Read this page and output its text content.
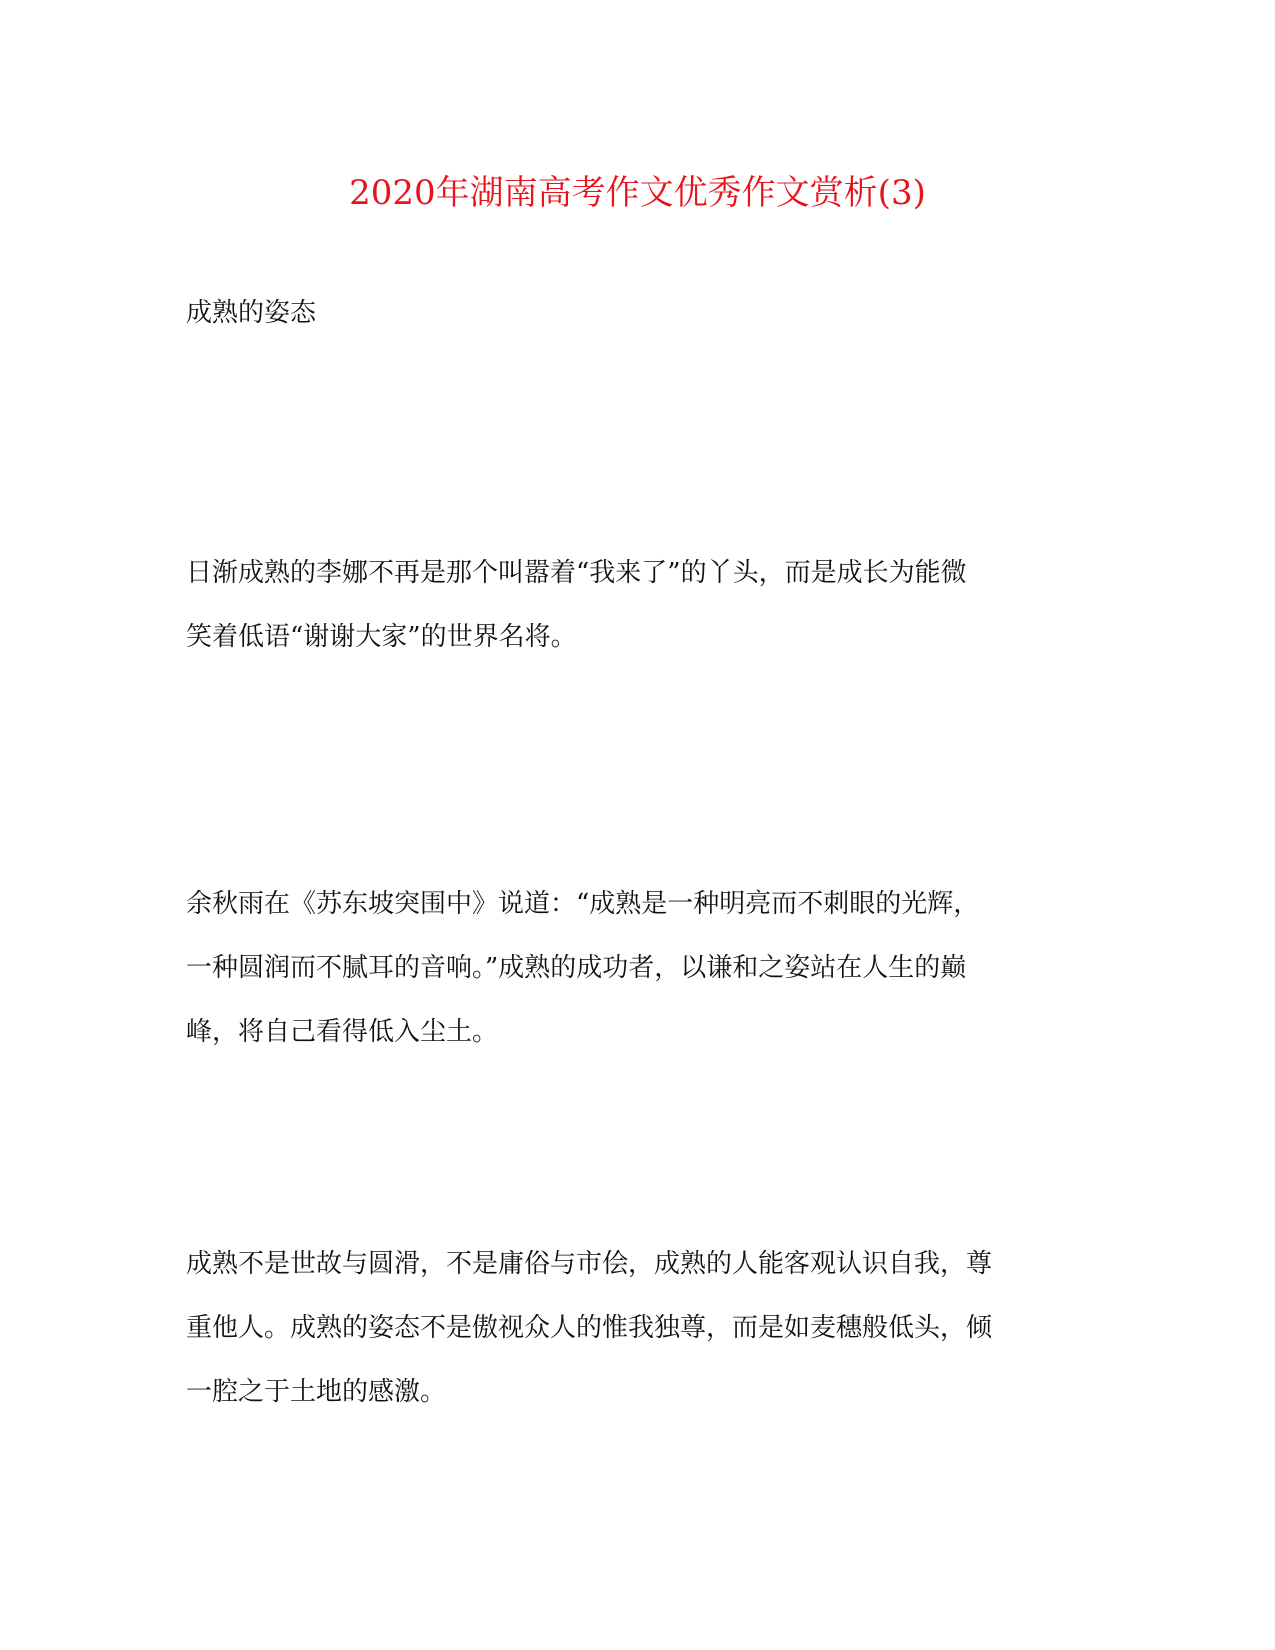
2020年湖南高考作文优秀作文赏析(3)
成熟的姿态
日渐成熟的李娜不再是那个叫嚣着“我来了”的丫头，而是成长为能微
笑着低语“谢谢大家”的世界名将。
余秋雨在《苏东坡突围中》说道：“成熟是一种明亮而不刺眼的光辉，
一种圆润而不腻耳的音响。”成熟的成功者，以谦和之姿站在人生的巅
峰，将自己看得低入尘土。
成熟不是世故与圆滑，不是庸俗与市侩，成熟的人能客观认识自我，尊
重他人。成熟的姿态不是傲视众人的惟我独尊，而是如麦穗般低头，倾
一腔之于土地的感激。
